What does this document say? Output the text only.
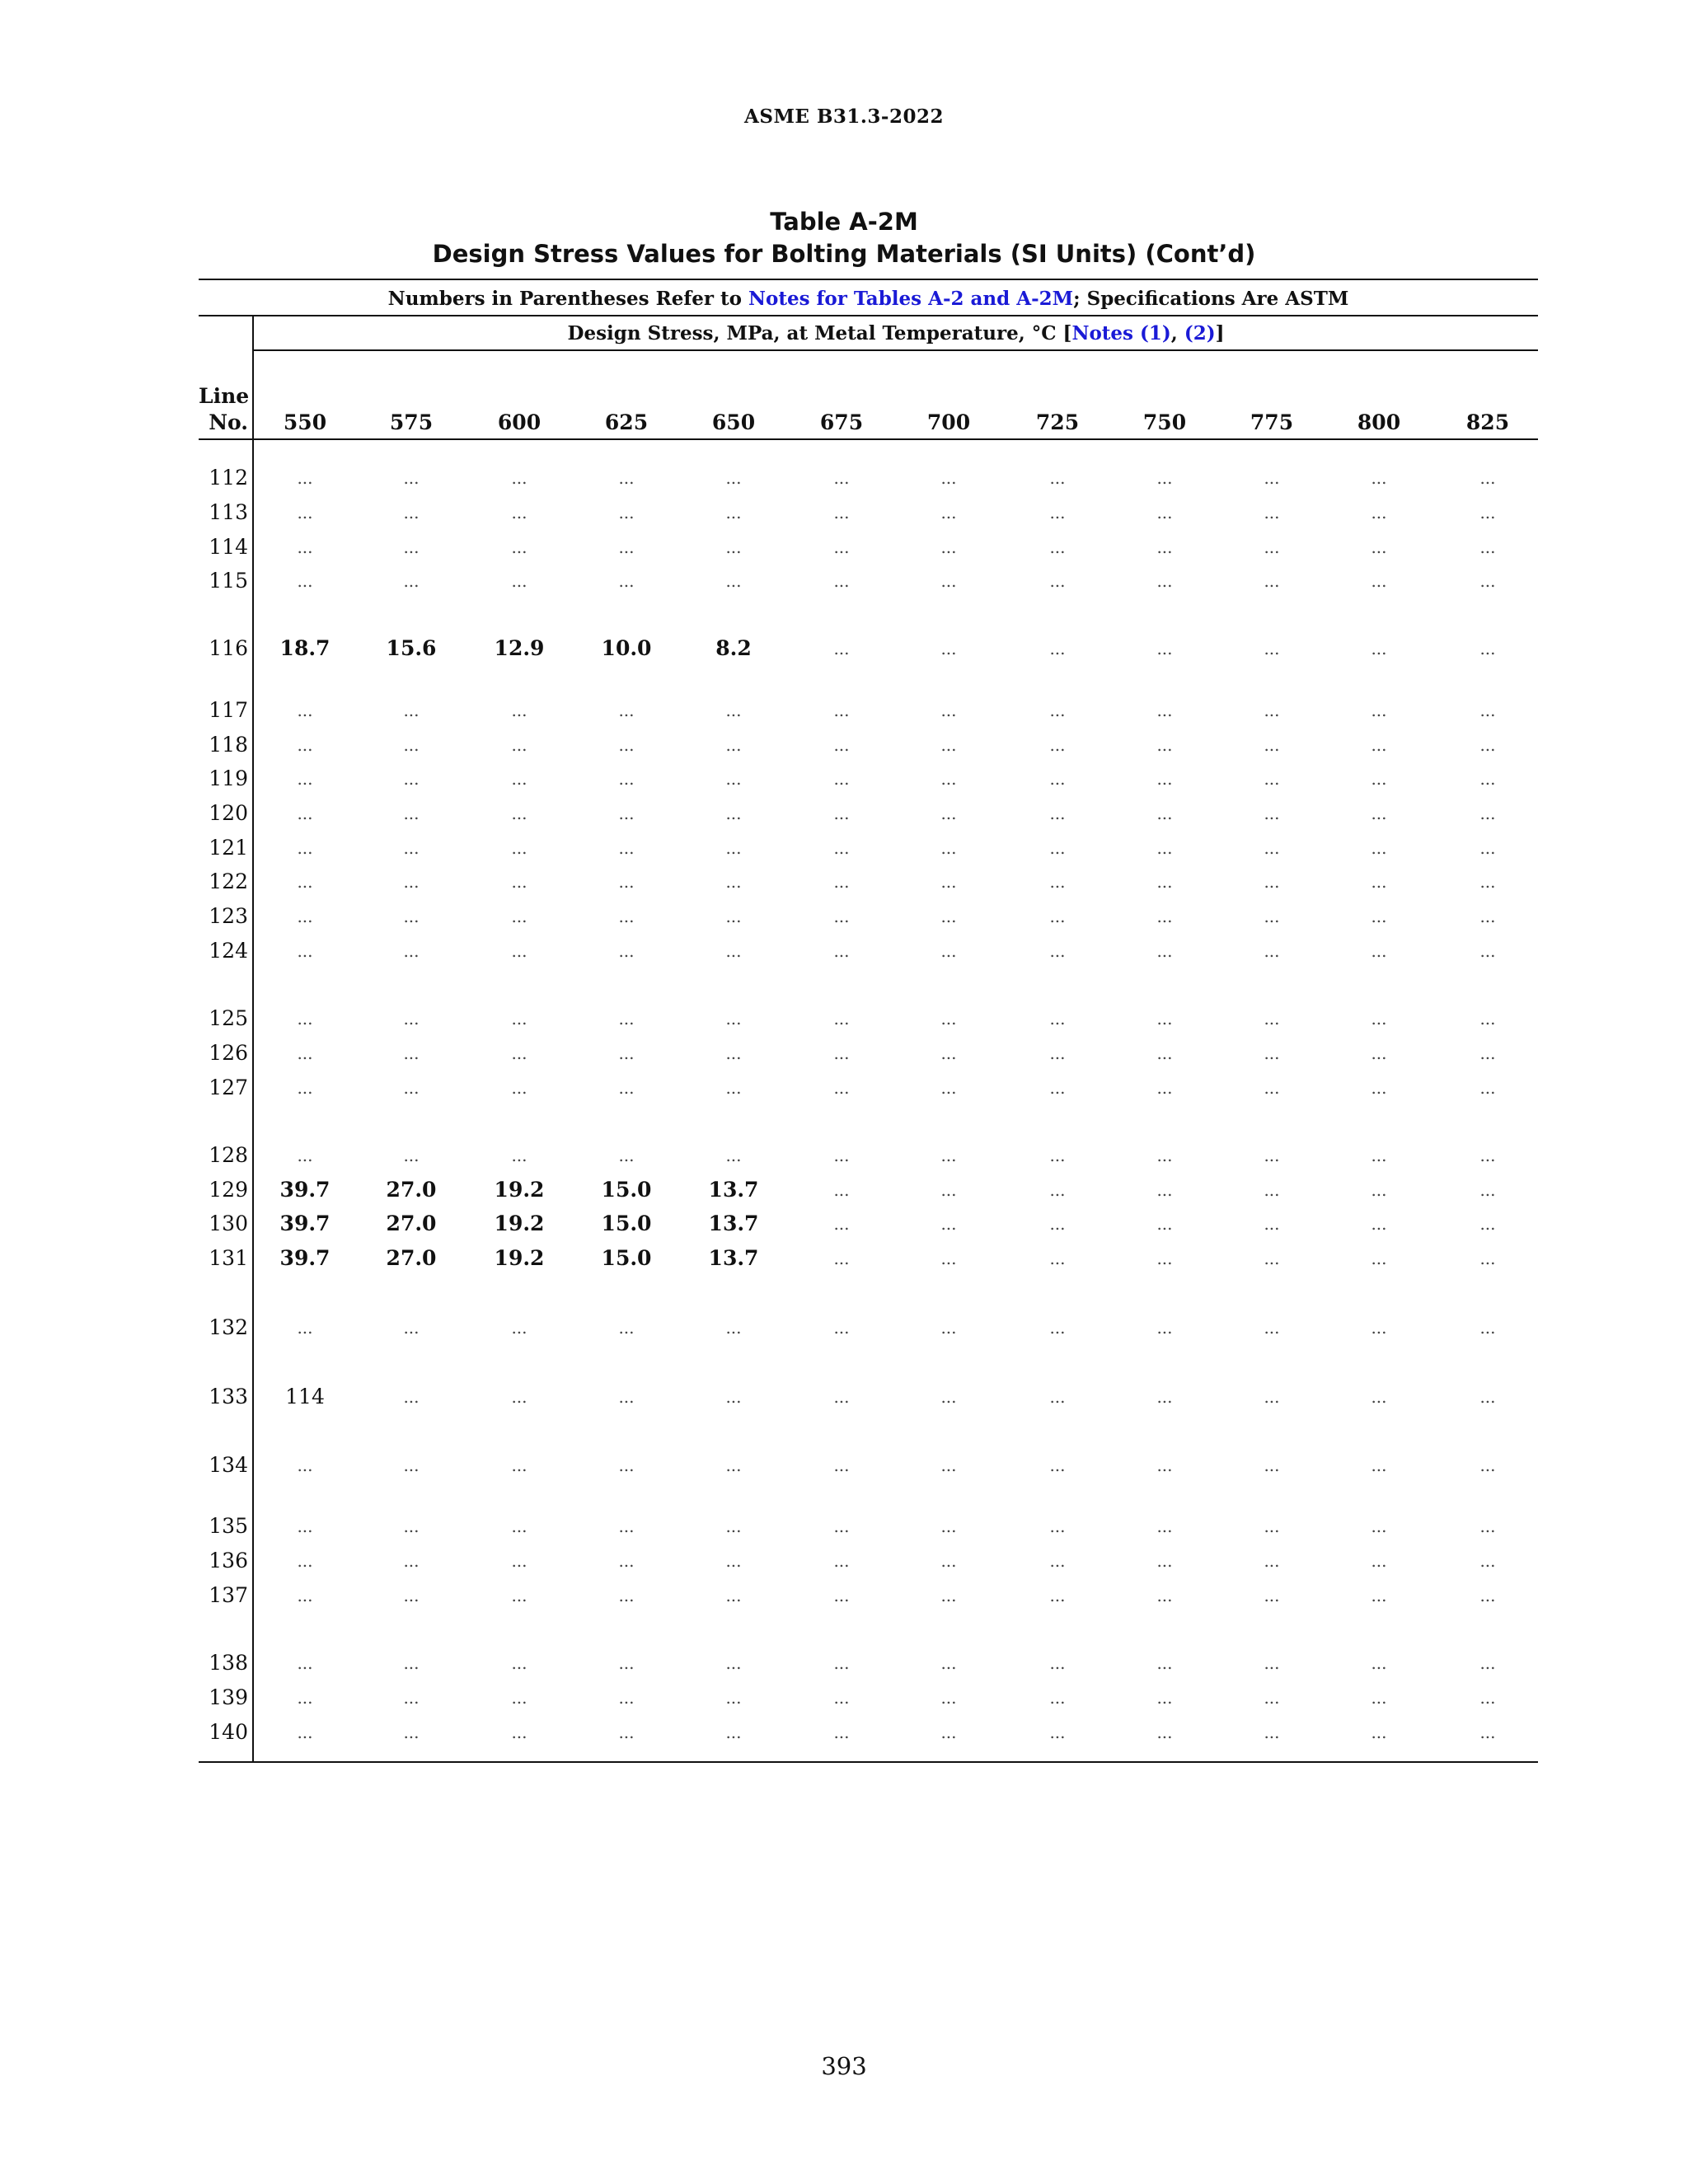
ASME B31.3-2022
Table A-2M
Design Stress Values for Bolting Materials (SI Units) (Cont’d)
Numbers in Parentheses Refer to Notes for Tables A-2 and A-2M; Specifications Are ASTM
Design Stress, MPa, at Metal Temperature, °C [Notes (1), (2)]
Line
No.	550	575	600	625	650	675	700	725	750	775	800	825
112	...	...	...	...	...	...	...	...	...	...	...	...
113	...	...	...	...	...	...	...	...	...	...	...	...
114	...	...	...	...	...	...	...	...	...	...	...	...
115	...	...	...	...	...	...	...	...	...	...	...	...
116	18.7	15.6	12.9	10.0	8.2	...	...	...	...	...	...	...
117	...	...	...	...	...	...	...	...	...	...	...	...
118	...	...	...	...	...	...	...	...	...	...	...	...
119	...	...	...	...	...	...	...	...	...	...	...	...
120	...	...	...	...	...	...	...	...	...	...	...	...
121	...	...	...	...	...	...	...	...	...	...	...	...
122	...	...	...	...	...	...	...	...	...	...	...	...
123	...	...	...	...	...	...	...	...	...	...	...	...
124	...	...	...	...	...	...	...	...	...	...	...	...
125	...	...	...	...	...	...	...	...	...	...	...	...
126	...	...	...	...	...	...	...	...	...	...	...	...
127	...	...	...	...	...	...	...	...	...	...	...	...
128	...	...	...	...	...	...	...	...	...	...	...	...
129	39.7	27.0	19.2	15.0	13.7	...	...	...	...	...	...	...
130	39.7	27.0	19.2	15.0	13.7	...	...	...	...	...	...	...
131	39.7	27.0	19.2	15.0	13.7	...	...	...	...	...	...	...
132	...	...	...	...	...	...	...	...	...	...	...	...
133	114	...	...	...	...	...	...	...	...	...	...	...
134	...	...	...	...	...	...	...	...	...	...	...	...
135	...	...	...	...	...	...	...	...	...	...	...	...
136	...	...	...	...	...	...	...	...	...	...	...	...
137	...	...	...	...	...	...	...	...	...	...	...	...
138	...	...	...	...	...	...	...	...	...	...	...	...
139	...	...	...	...	...	...	...	...	...	...	...	...
140	...	...	...	...	...	...	...	...	...	...	...	...
393
